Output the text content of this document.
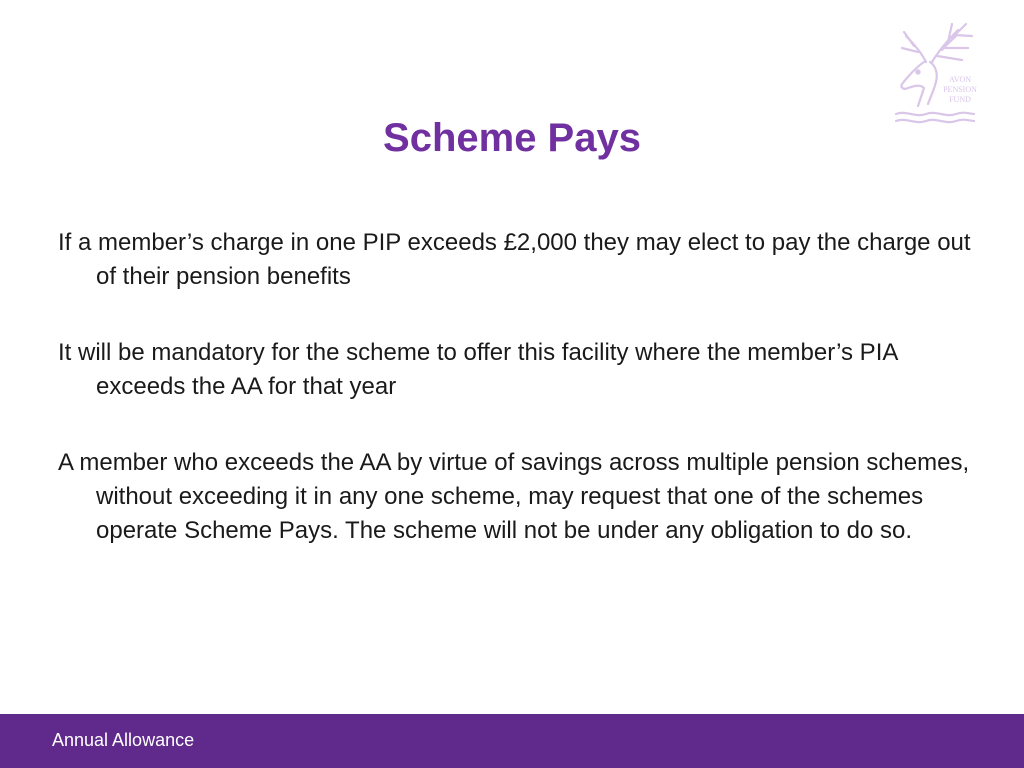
AVON
PENSION
FUND
Scheme Pays

If a member’s charge in one PIP exceeds £2,000 they may elect to pay the charge out of their pension benefits

It will be mandatory for the scheme to offer this facility where the member’s PIA exceeds the AA for that year

A member who exceeds the AA by virtue of savings across multiple pension schemes, without exceeding it in any one scheme, may request that one of the schemes operate Scheme Pays. The scheme will not be under any obligation to do so.

Annual Allowance
